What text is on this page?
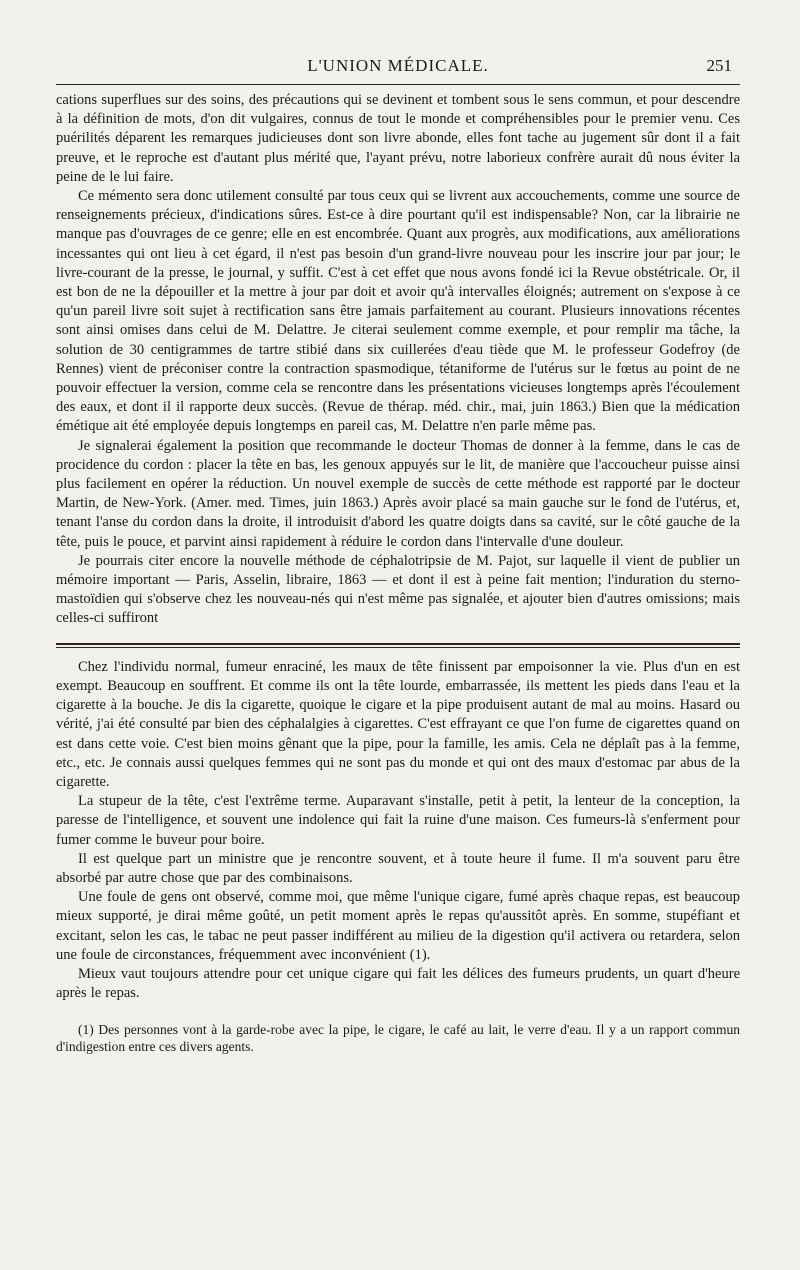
L'UNION MÉDICALE.	251

cations superflues sur des soins, des précautions qui se devinent et tombent sous le sens commun, et pour descendre à la définition de mots, d'on dit vulgaires, connus de tout le monde et compréhensibles pour le premier venu. Ces puérilités déparent les remarques judicieuses dont son livre abonde, elles font tache au jugement sûr dont il a fait preuve, et le reproche est d'autant plus mérité que, l'ayant prévu, notre laborieux confrère aurait dû nous éviter la peine de le lui faire.

Ce mémento sera donc utilement consulté par tous ceux qui se livrent aux accouchements, comme une source de renseignements précieux, d'indications sûres. Est-ce à dire pourtant qu'il est indispensable? Non, car la librairie ne manque pas d'ouvrages de ce genre; elle en est encombrée. Quant aux progrès, aux modifications, aux améliorations incessantes qui ont lieu à cet égard, il n'est pas besoin d'un grand-livre nouveau pour les inscrire jour par jour; le livre-courant de la presse, le journal, y suffit. C'est à cet effet que nous avons fondé ici la Revue obstétricale. Or, il est bon de ne la dépouiller et la mettre à jour par doit et avoir qu'à intervalles éloignés; autrement on s'expose à ce qu'un pareil livre soit sujet à rectification sans être jamais parfaitement au courant. Plusieurs innovations récentes sont ainsi omises dans celui de M. Delattre. Je citerai seulement comme exemple, et pour remplir ma tâche, la solution de 30 centigrammes de tartre stibié dans six cuillerées d'eau tiède que M. le professeur Godefroy (de Rennes) vient de préconiser contre la contraction spasmodique, tétaniforme de l'utérus sur le fœtus au point de ne pouvoir effectuer la version, comme cela se rencontre dans les présentations vicieuses longtemps après l'écoulement des eaux, et dont il il rapporte deux succès. (Revue de thérap. méd. chir., mai, juin 1863.) Bien que la médication émétique ait été employée depuis longtemps en pareil cas, M. Delattre n'en parle même pas.

Je signalerai également la position que recommande le docteur Thomas de donner à la femme, dans le cas de procidence du cordon : placer la tête en bas, les genoux appuyés sur le lit, de manière que l'accoucheur puisse ainsi plus facilement en opérer la réduction. Un nouvel exemple de succès de cette méthode est rapporté par le docteur Martin, de New-York. (Amer. med. Times, juin 1863.) Après avoir placé sa main gauche sur le fond de l'utérus, et, tenant l'anse du cordon dans la droite, il introduisit d'abord les quatre doigts dans sa cavité, sur le côté gauche de la tête, puis le pouce, et parvint ainsi rapidement à réduire le cordon dans l'intervalle d'une douleur.

Je pourrais citer encore la nouvelle méthode de céphalotripsie de M. Pajot, sur laquelle il vient de publier un mémoire important — Paris, Asselin, libraire, 1863 — et dont il est à peine fait mention; l'induration du sterno-mastoïdien qui s'observe chez les nouveau-nés qui n'est même pas signalée, et ajouter bien d'autres omissions; mais celles-ci suffiront

Chez l'individu normal, fumeur enraciné, les maux de tête finissent par empoisonner la vie. Plus d'un en est exempt. Beaucoup en souffrent. Et comme ils ont la tête lourde, embarrassée, ils mettent les pieds dans l'eau et la cigarette à la bouche. Je dis la cigarette, quoique le cigare et la pipe produisent autant de mal au moins. Hasard ou vérité, j'ai été consulté par bien des céphalalgies à cigarettes. C'est effrayant ce que l'on fume de cigarettes quand on est dans cette voie. C'est bien moins gênant que la pipe, pour la famille, les amis. Cela ne déplaît pas à la femme, etc., etc. Je connais aussi quelques femmes qui ne sont pas du monde et qui ont des maux d'estomac par abus de la cigarette.

La stupeur de la tête, c'est l'extrême terme. Auparavant s'installe, petit à petit, la lenteur de la conception, la paresse de l'intelligence, et souvent une indolence qui fait la ruine d'une maison. Ces fumeurs-là s'enferment pour fumer comme le buveur pour boire.

Il est quelque part un ministre que je rencontre souvent, et à toute heure il fume. Il m'a souvent paru être absorbé par autre chose que par des combinaisons.

Une foule de gens ont observé, comme moi, que même l'unique cigare, fumé après chaque repas, est beaucoup mieux supporté, je dirai même goûté, un petit moment après le repas qu'aussitôt après. En somme, stupéfiant et excitant, selon les cas, le tabac ne peut passer indifférent au milieu de la digestion qu'il activera ou retardera, selon une foule de circonstances, fréquemment avec inconvénient (1).

Mieux vaut toujours attendre pour cet unique cigare qui fait les délices des fumeurs prudents, un quart d'heure après le repas.

(1) Des personnes vont à la garde-robe avec la pipe, le cigare, le café au lait, le verre d'eau. Il y a un rapport commun d'indigestion entre ces divers agents.
